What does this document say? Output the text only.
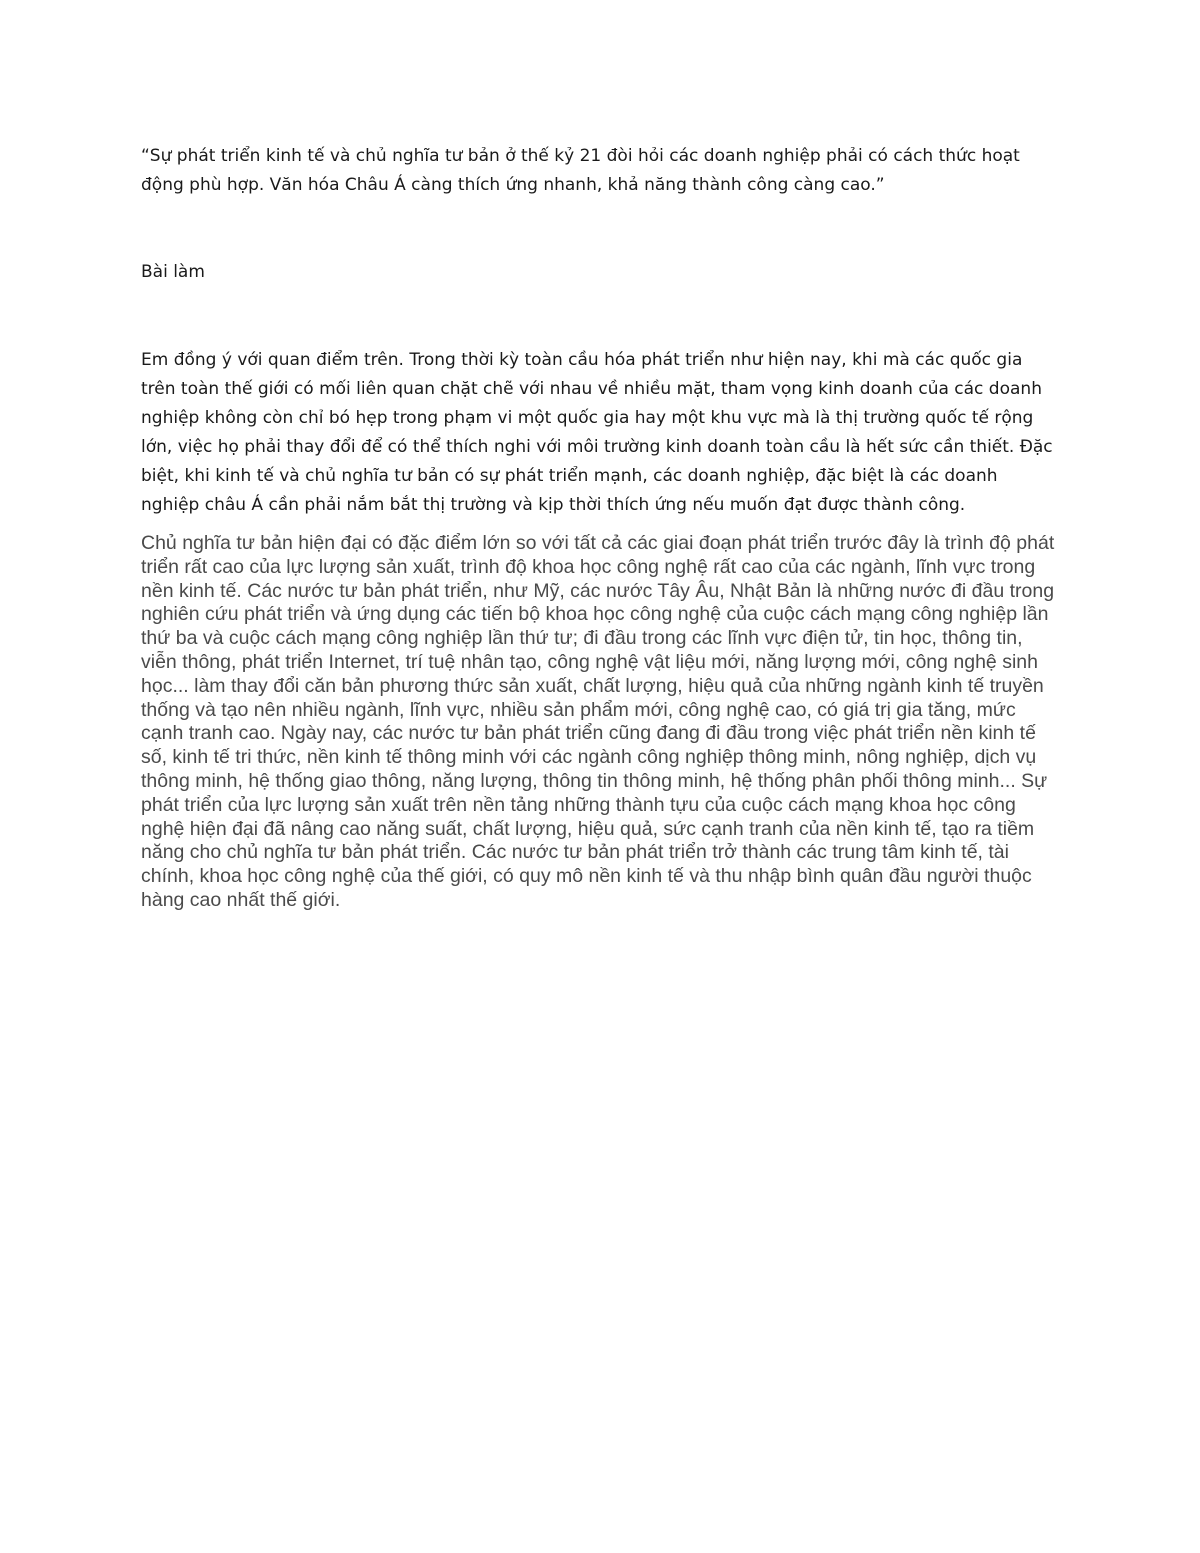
“Sự phát triển kinh tế và chủ nghĩa tư bản ở thế kỷ 21 đòi hỏi các doanh nghiệp phải có cách thức hoạt động phù hợp. Văn hóa Châu Á càng thích ứng nhanh, khả năng thành công càng cao.”

Bài làm

Em đồng ý với quan điểm trên. Trong thời kỳ toàn cầu hóa phát triển như hiện nay, khi mà các quốc gia trên toàn thế giới có mối liên quan chặt chẽ với nhau về nhiều mặt, tham vọng kinh doanh của các doanh nghiệp không còn chỉ bó hẹp trong phạm vi một quốc gia hay một khu vực mà là thị trường quốc tế rộng lớn, việc họ phải thay đổi để có thể thích nghi với môi trường kinh doanh toàn cầu là hết sức cần thiết. Đặc biệt, khi kinh tế và chủ nghĩa tư bản có sự phát triển mạnh, các doanh nghiệp, đặc biệt là các doanh nghiệp châu Á cần phải nắm bắt thị trường và kịp thời thích ứng nếu muốn đạt được thành công.

Chủ nghĩa tư bản hiện đại có đặc điểm lớn so với tất cả các giai đoạn phát triển trước đây là trình độ phát triển rất cao của lực lượng sản xuất, trình độ khoa học công nghệ rất cao của các ngành, lĩnh vực trong nền kinh tế. Các nước tư bản phát triển, như Mỹ, các nước Tây Âu, Nhật Bản là những nước đi đầu trong nghiên cứu phát triển và ứng dụng các tiến bộ khoa học công nghệ của cuộc cách mạng công nghiệp lần thứ ba và cuộc cách mạng công nghiệp lần thứ tư; đi đầu trong các lĩnh vực điện tử, tin học, thông tin, viễn thông, phát triển Internet, trí tuệ nhân tạo, công nghệ vật liệu mới, năng lượng mới, công nghệ sinh học... làm thay đổi căn bản phương thức sản xuất, chất lượng, hiệu quả của những ngành kinh tế truyền thống và tạo nên nhiều ngành, lĩnh vực, nhiều sản phẩm mới, công nghệ cao, có giá trị gia tăng, mức cạnh tranh cao. Ngày nay, các nước tư bản phát triển cũng đang đi đầu trong việc phát triển nền kinh tế số, kinh tế tri thức, nền kinh tế thông minh với các ngành công nghiệp thông minh, nông nghiệp, dịch vụ thông minh, hệ thống giao thông, năng lượng, thông tin thông minh, hệ thống phân phối thông minh... Sự phát triển của lực lượng sản xuất trên nền tảng những thành tựu của cuộc cách mạng khoa học công nghệ hiện đại đã nâng cao năng suất, chất lượng, hiệu quả, sức cạnh tranh của nền kinh tế, tạo ra tiềm năng cho chủ nghĩa tư bản phát triển. Các nước tư bản phát triển trở thành các trung tâm kinh tế, tài chính, khoa học công nghệ của thế giới, có quy mô nền kinh tế và thu nhập bình quân đầu người thuộc hàng cao nhất thế giới.
